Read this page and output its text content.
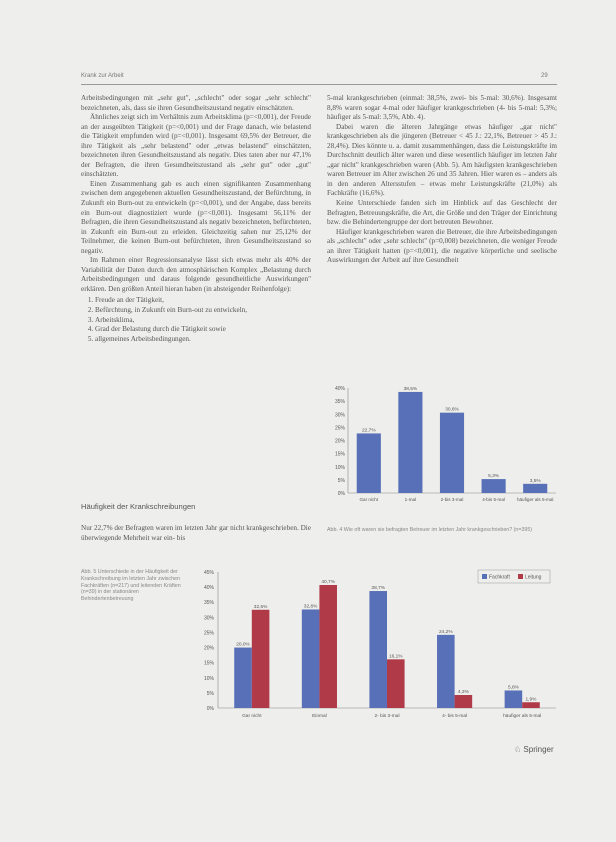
Krank zur Arbeit	29

Arbeitsbedingungen mit „sehr gut", „schlecht" oder sogar „sehr schlecht" bezeichneten, als, dass sie ihren Gesundheitszustand negativ einschätzten.

Ähnliches zeigt sich im Verhältnis zum Arbeitsklima (p=<0,001), der Freude an der ausgeübten Tätigkeit (p=<0,001) und der Frage danach, wie belastend die Tätigkeit empfunden wird (p=<0,001). Insgesamt 69,5% der Betreuer, die ihre Tätigkeit als „sehr belastend" oder „etwas belastend" einschätzten, bezeichneten ihren Gesundheitszustand als negativ. Dies taten aber nur 47,1% der Befragten, die ihren Gesundheitszustand als „sehr gut" oder „gut" einschätzten.

Einen Zusammenhang gab es auch einen signifikanten Zusammenhang zwischen dem angegebenen aktuellen Gesundheitszustand, der Befürchtung, in Zukunft ein Burn-out zu entwickeln (p=<0,001), und der Angabe, dass bereits ein Burn-out diagnostiziert wurde (p=<0,001). Insgesamt 56,11% der Befragten, die ihren Gesundheitszustand als negativ bezeichneten, befürchteten, in Zukunft ein Burn-out zu erleiden. Gleichzeitig sahen nur 25,12% der Teilnehmer, die keinen Burn-out befürchteten, ihren Gesundheitszustand so negativ.

Im Rahmen einer Regressionsanalyse lässt sich etwas mehr als 40% der Variabilität der Daten durch den atmosphärischen Komplex „Belastung durch Arbeitsbedingungen und daraus folgende gesundheitliche Auswirkungen" erklären. Den größten Anteil hieran haben (in absteigender Reihenfolge):

1. Freude an der Tätigkeit,
2. Befürchtung, in Zukunft ein Burn-out zu entwickeln,
3. Arbeitsklima,
4. Grad der Belastung durch die Tätigkeit sowie
5. allgemeines Arbeitsbedingungen.
Häufigkeit der Krankschreibungen

Nur 22,7% der Befragten waren im letzten Jahr gar nicht krankgeschrieben. Die überwiegende Mehrheit war ein- bis

5-mal krankgeschrieben (einmal: 38,5%, zwei- bis 5-mal: 30,6%). Insgesamt 8,8% waren sogar 4-mal oder häufiger krankgeschrieben (4- bis 5-mal: 5,3%; häufiger als 5-mal: 3,5%, Abb. 4).

Dabei waren die älteren Jahrgänge etwas häufiger „gar nicht" krankgeschrieben als die jüngeren (Betreuer < 45 J.: 22,1%, Betreuer > 45 J.: 28,4%). Dies könnte u. a. damit zusammenhängen, dass die Leistungskräfte im Durchschnitt deutlich älter waren und diese wesentlich häufiger im letzten Jahr „gar nicht" krankgeschrieben waren (Abb. 5). Am häufigsten krankgeschrieben waren Betreuer im Alter zwischen 26 und 35 Jahren. Hier waren es – anders als in den anderen Altersstufen – etwas mehr Leistungskräfte (21,0%) als Fachkräfte (16,6%).

Keine Unterschiede fanden sich im Hinblick auf das Geschlecht der Befragten, Betreuungskräfte, die Art, die Größe und den Träger der Einrichtung bzw. die Behindertengruppe der dort betreuten Bewohner.

Häufiger krankgeschrieben waren die Betreuer, die ihre Arbeitsbedingungen als „schlecht" oder „sehr schlecht" (p=0,008) bezeichneten, die weniger Freude an ihrer Tätigkeit hatten (p=<0,001), die negative körperliche und seelische Auswirkungen der Arbeit auf ihre Gesundheit

0%
5%
10%
15%
20%
25%
30%
35%
40%
22,7%
Gar nicht
38,5%
1-mal
30,6%
2-bis 3-mal
5,3%
4-bis 5-mal
3,5%
häufiger als 5-mal
Abb. 4 Wie oft waren sie befragten Betreuer im letzten Jahr krankgeschrieben? (n=395)
Abb. 5 Unterschiede in der Häufigkeit der Krankschreibung im letzten Jahr zwischen Fachkräften (n=217) und leitenden Kräften (n=39) in der stationären Behindertenbetreuung
0%
5%
10%
15%
20%
25%
30%
35%
40%
45%
20,0%
32,5%
Gar nicht
32,6%
40,7%
Einmal
38,7%
16,1%
2- bis 3-mal
24,2%
4,3%
4- bis 5-mal
5,8%
1,9%
häufiger als 5-mal
Fachkraft	Leitung
♘ Springer
